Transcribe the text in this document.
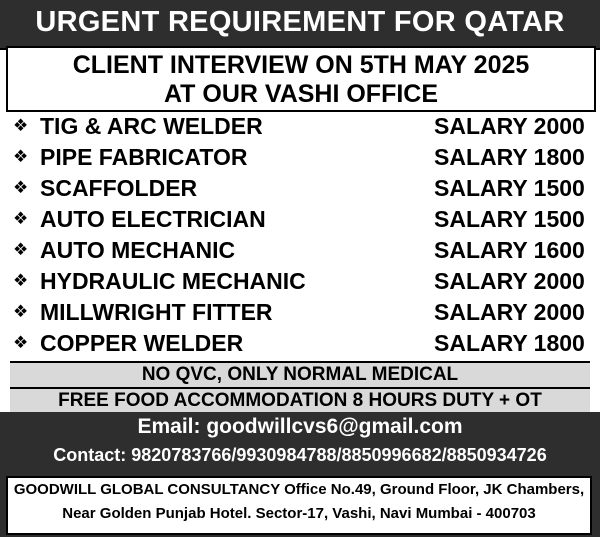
URGENT REQUIREMENT FOR QATAR
CLIENT INTERVIEW ON 5TH MAY 2025
AT OUR VASHI OFFICE
❖ TIG & ARC WELDER	SALARY 2000
❖ PIPE FABRICATOR	SALARY 1800
❖ SCAFFOLDER	SALARY 1500
❖ AUTO ELECTRICIAN	SALARY 1500
❖ AUTO MECHANIC	SALARY 1600
❖ HYDRAULIC MECHANIC	SALARY 2000
❖ MILLWRIGHT FITTER	SALARY 2000
❖ COPPER WELDER	SALARY 1800
NO QVC, ONLY NORMAL MEDICAL
FREE FOOD ACCOMMODATION 8 HOURS DUTY + OT
Email: goodwillcvs6@gmail.com
Contact: 9820783766/9930984788/8850996682/8850934726
GOODWILL GLOBAL CONSULTANCY Office No.49, Ground Floor, JK Chambers,
Near Golden Punjab Hotel. Sector-17, Vashi, Navi Mumbai - 400703
